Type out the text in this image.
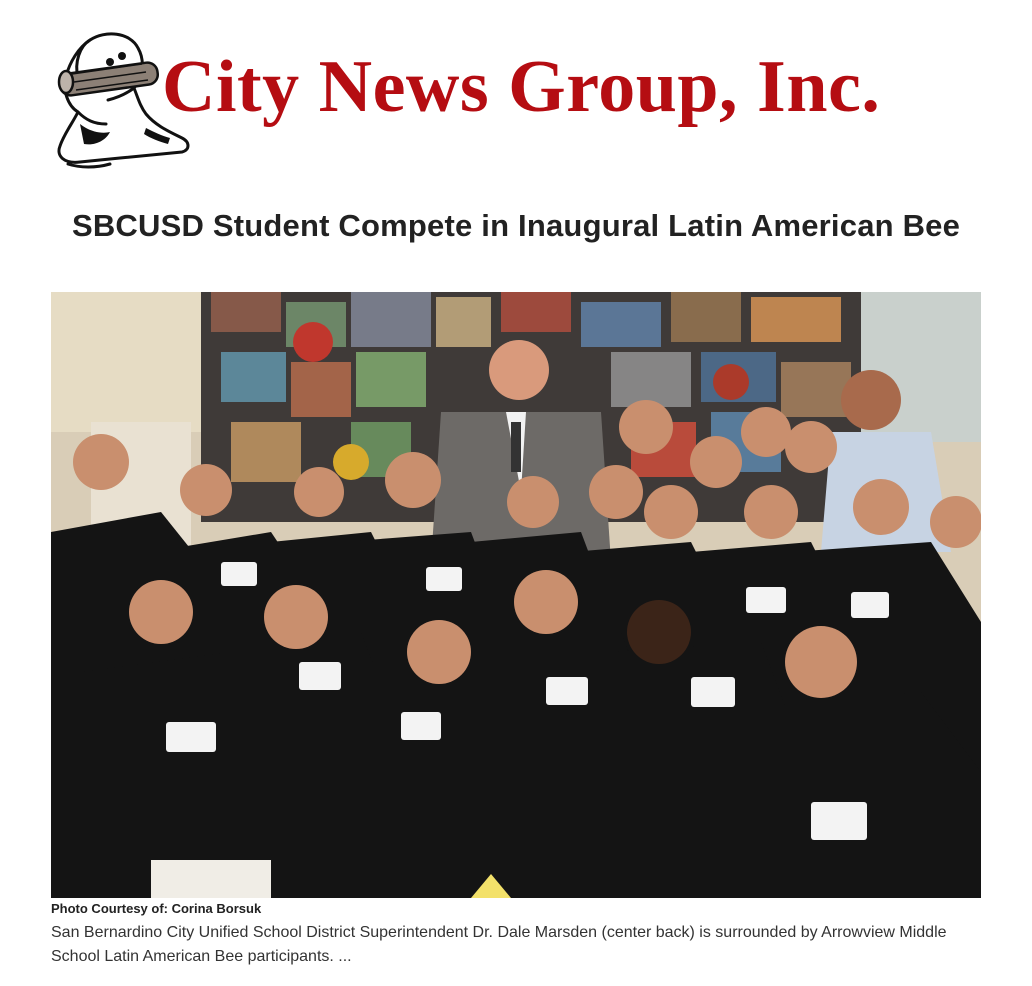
City News Group, Inc.
SBCUSD Student Compete in Inaugural Latin American Bee
Photo Courtesy of: Corina Borsuk

San Bernardino City Unified School District Superintendent Dr. Dale Marsden (center back) is surrounded by Arrowview Middle School Latin American Bee participants. ...
